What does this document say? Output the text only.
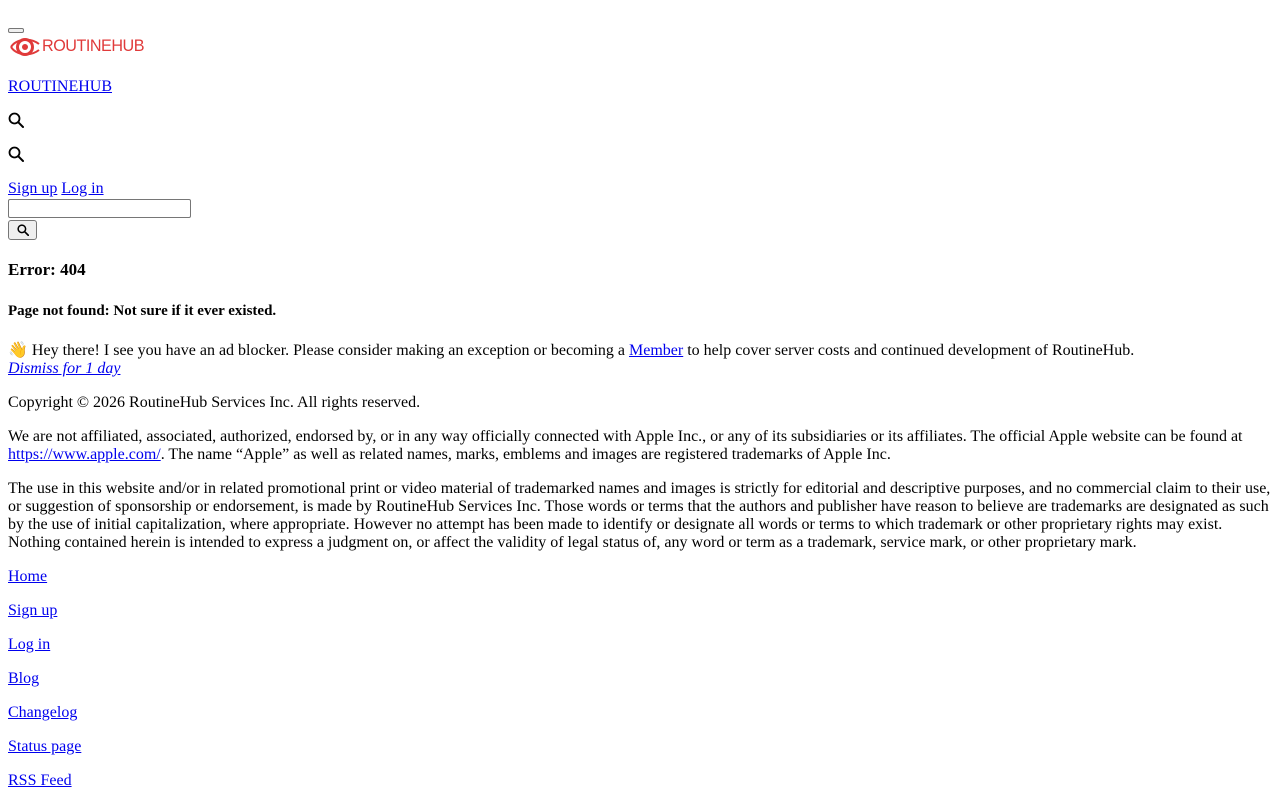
ROUTINEHUB
ROUTINEHUB
Sign up Log in
Error: 404
Page not found: Not sure if it ever existed.
👋 Hey there! I see you have an ad blocker. Please consider making an exception or becoming a Member to help cover server costs and continued development of RoutineHub.
Dismiss for 1 day

Copyright © 2026 RoutineHub Services Inc. All rights reserved.

We are not affiliated, associated, authorized, endorsed by, or in any way officially connected with Apple Inc., or any of its subsidiaries or its affiliates. The official Apple website can be found at https://www.apple.com/. The name “Apple” as well as related names, marks, emblems and images are registered trademarks of Apple Inc.

The use in this website and/or in related promotional print or video material of trademarked names and images is strictly for editorial and descriptive purposes, and no commercial claim to their use, or suggestion of sponsorship or endorsement, is made by RoutineHub Services Inc. Those words or terms that the authors and publisher have reason to believe are trademarks are designated as such by the use of initial capitalization, where appropriate. However no attempt has been made to identify or designate all words or terms to which trademark or other proprietary rights may exist. Nothing contained herein is intended to express a judgment on, or affect the validity of legal status of, any word or term as a trademark, service mark, or other proprietary mark.

Home
Sign up
Log in
Blog
Changelog
Status page
RSS Feed
